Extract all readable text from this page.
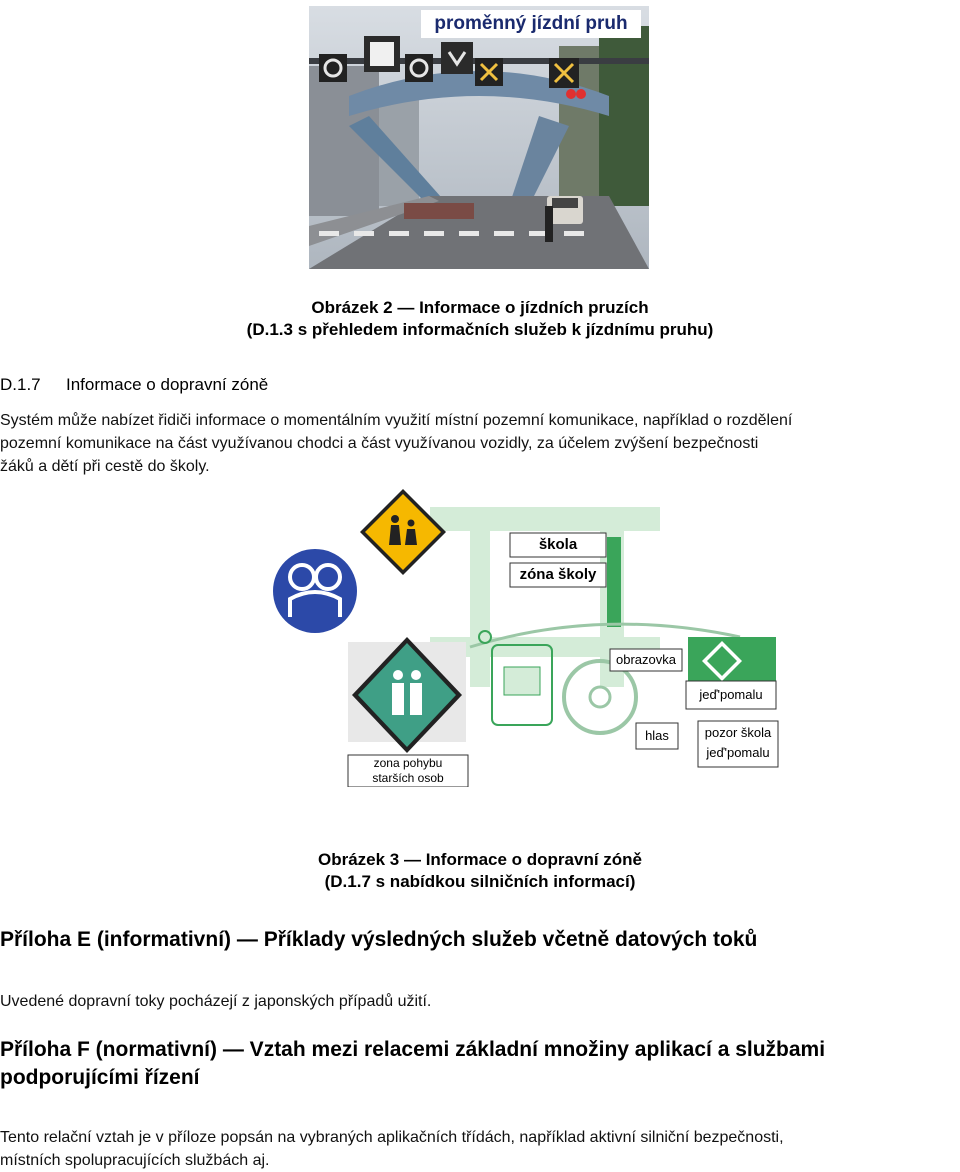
proměnný jízdní pruh
Obrázek 2 — Informace o jízdních pruzích
(D.1.3 s přehledem informačních služeb k jízdnímu pruhu)
D.1.7 Informace o dopravní zóně
Systém může nabízet řidiči informace o momentálním využití místní pozemní komunikace, například o rozdělení
pozemní komunikace na část využívanou chodci a část využívanou vozidly, za účelem zvýšení bezpečnosti
žáků a dětí při cestě do školy.
škola
zóna školy
obrazovka
jeď'pomalu
hlas	pozor škola
jeď'pomalu
zona pohybu
starších osob
Obrázek 3 — Informace o dopravní zóně
(D.1.7 s nabídkou silničních informací)
Příloha E (informativní) — Příklady výsledných služeb včetně datových toků
Uvedené dopravní toky pocházejí z japonských případů užití.
Příloha F (normativní) — Vztah mezi relacemi základní množiny aplikací a službami
podporujícími řízení
Tento relační vztah je v příloze popsán na vybraných aplikačních třídách, například aktivní silniční bezpečnosti,
místních spolupracujících službách aj.
